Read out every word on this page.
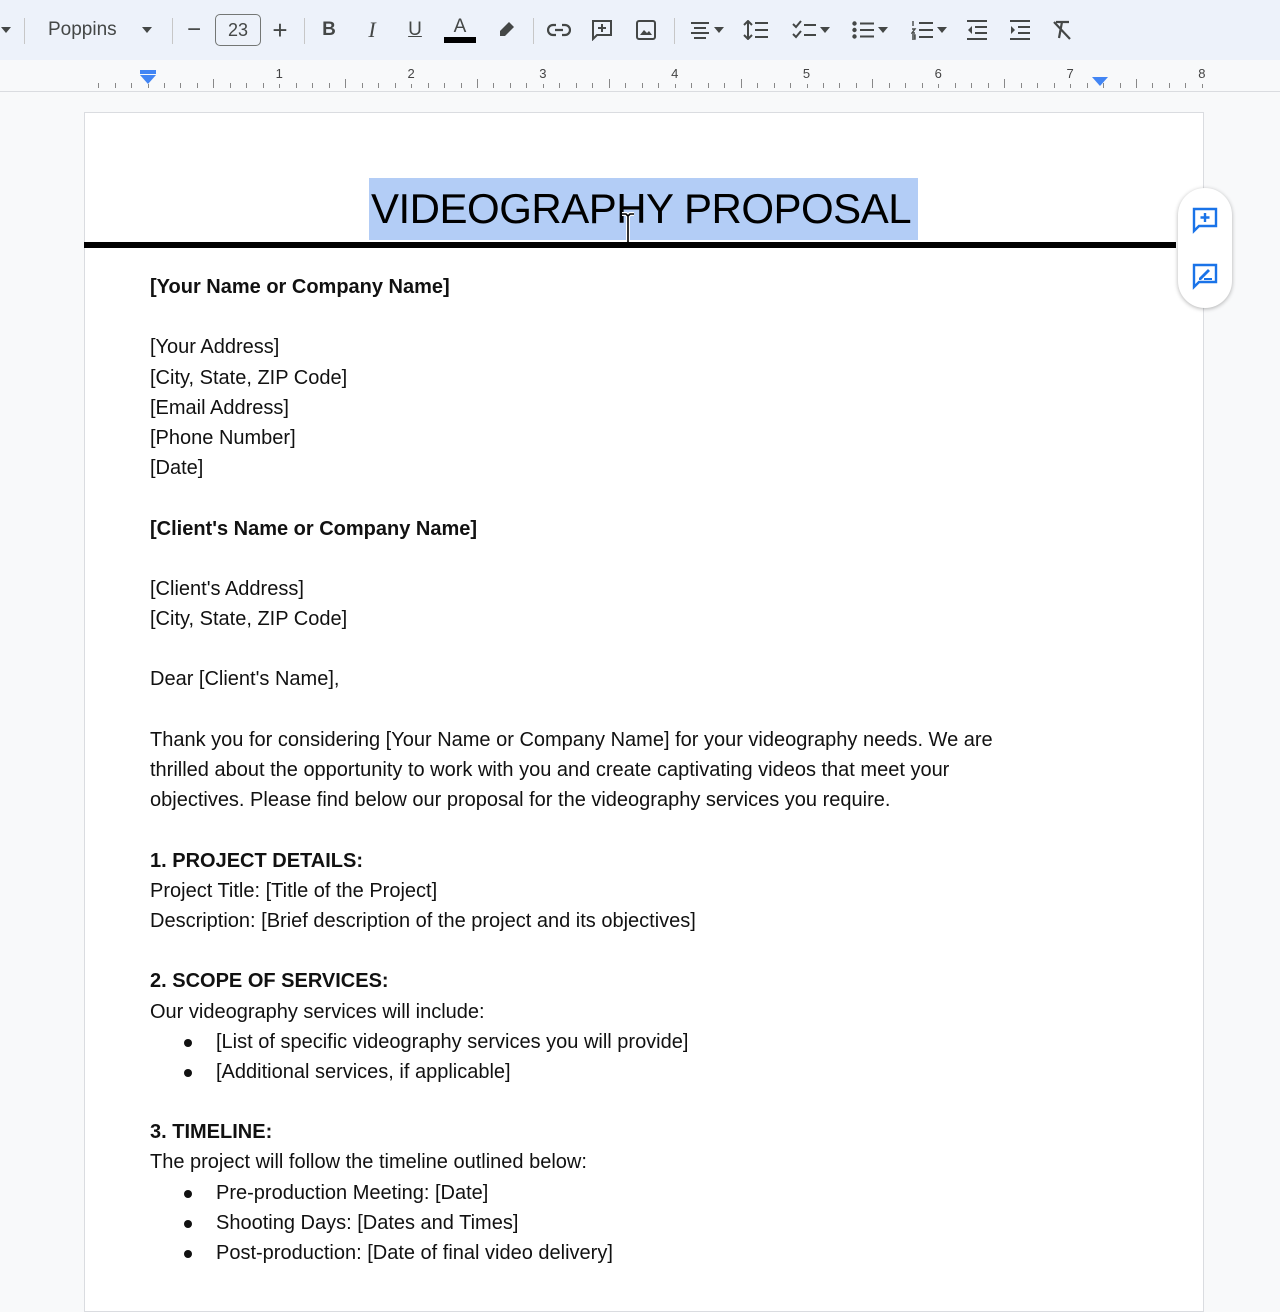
Poppins	−	23 +	B	I	U	A
1	2	3	4	5	6	7	8
VIDEOGRAPHY PROPOSAL
[Your Name or Company Name]
[Your Address]
[City, State, ZIP Code]
[Email Address]
[Phone Number]
[Date]
[Client's Name or Company Name]
[Client's Address]
[City, State, ZIP Code]
Dear [Client's Name],
Thank you for considering [Your Name or Company Name] for your videography needs. We are
thrilled about the opportunity to work with you and create captivating videos that meet your
objectives. Please find below our proposal for the videography services you require.
1. PROJECT DETAILS:
Project Title: [Title of the Project]
Description: [Brief description of the project and its objectives]
2. SCOPE OF SERVICES:
Our videography services will include:
[List of specific videography services you will provide]
[Additional services, if applicable]
3. TIMELINE:
The project will follow the timeline outlined below:
Pre-production Meeting: [Date]
Shooting Days: [Dates and Times]
Post-production: [Date of final video delivery]
